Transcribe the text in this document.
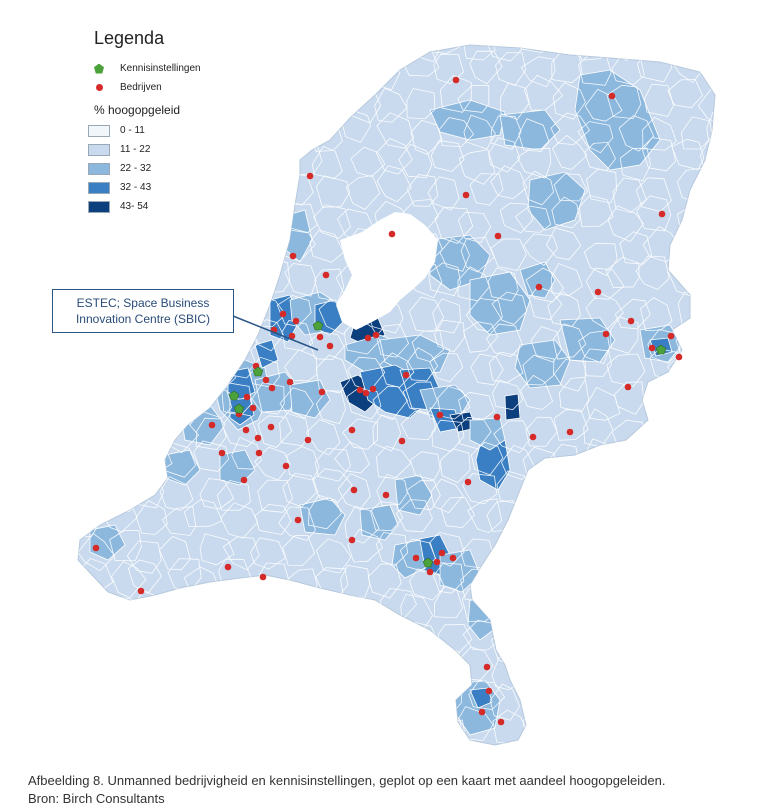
Legenda
Kennisinstellingen
Bedrijven
% hoogopgeleid
0 - 11
11 - 22
22 - 32
32 - 43
43- 54
ESTEC; Space Business
Innovation Centre (SBIC)
Afbeelding 8. Unmanned bedrijvigheid en kennisinstellingen, geplot op een kaart met aandeel hoogopgeleiden.
Bron: Birch Consultants
